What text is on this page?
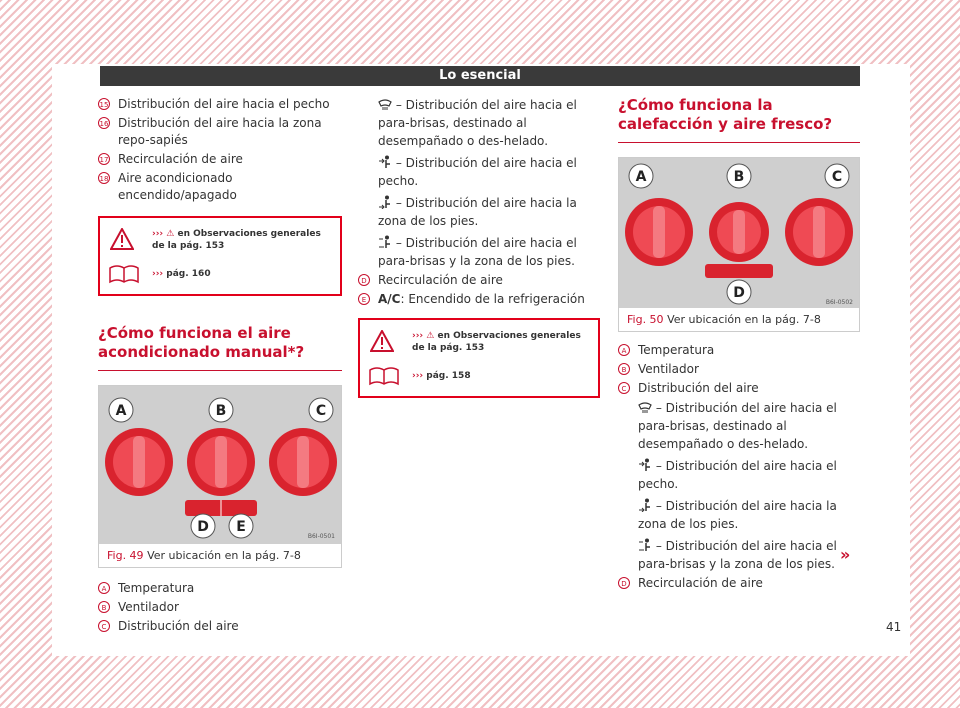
Lo esencial
15 Distribución del aire hacia el pecho
16 Distribución del aire hacia la zona repo-sapiés
17 Recirculación de aire
18 Aire acondicionado encendido/apagado
››› ⚠ en Observaciones generales de la pág. 153
››› pág. 160
¿Cómo funciona el aire acondicionado manual*?
A	B	C
D E
B6I-0501
Fig. 49 Ver ubicación en la pág. 7-8
A Temperatura
B Ventilador
C Distribución del aire
– Distribución del aire hacia el para-brisas, destinado al desempañado o des-helado.
– Distribución del aire hacia el pecho.
– Distribución del aire hacia la zona de los pies.
– Distribución del aire hacia el para-brisas y la zona de los pies.
D Recirculación de aire
E A/C: Encendido de la refrigeración
››› ⚠ en Observaciones generales de la pág. 153
››› pág. 158
¿Cómo funciona la calefacción y aire fresco?
A	B	C
D
B6I-0502
Fig. 50 Ver ubicación en la pág. 7-8
A Temperatura
B Ventilador
C Distribución del aire
– Distribución del aire hacia el para-brisas, destinado al desempañado o des-helado.
– Distribución del aire hacia el pecho.
– Distribución del aire hacia la zona de los pies.
– Distribución del aire hacia el para-brisas y la zona de los pies.
D Recirculación de aire
»
41
